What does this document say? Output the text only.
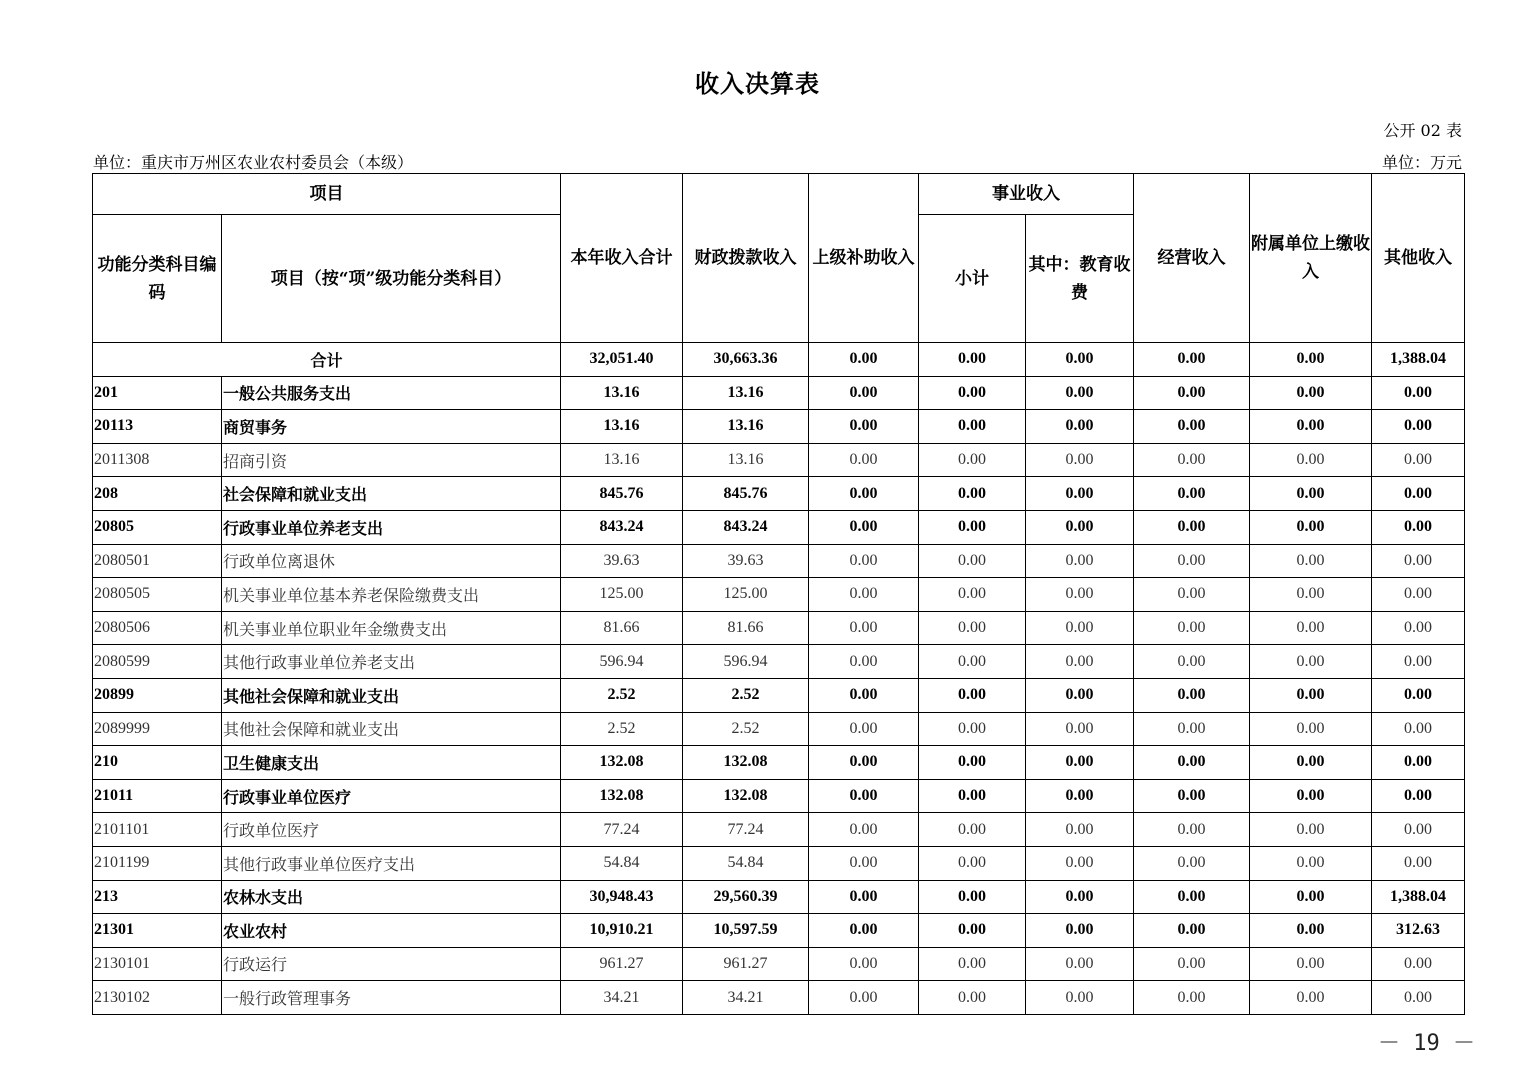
收入决算表
公开 02 表
单位：重庆市万州区农业农村委员会（本级）	单位：万元
项目		本年收入合计	财政拨款收入	上级补助收入	事业收入		经营收入	附属单位上缴收入	其他收入
功能分类科目编码	项目（按“项”级功能分类科目）				小计	其中：教育收费			
合计		32,051.40	30,663.36	0.00	0.00	0.00	0.00	0.00	1,388.04
201	一般公共服务支出	13.16	13.16	0.00	0.00	0.00	0.00	0.00	0.00
20113	商贸事务	13.16	13.16	0.00	0.00	0.00	0.00	0.00	0.00
2011308	招商引资	13.16	13.16	0.00	0.00	0.00	0.00	0.00	0.00
208	社会保障和就业支出	845.76	845.76	0.00	0.00	0.00	0.00	0.00	0.00
20805	行政事业单位养老支出	843.24	843.24	0.00	0.00	0.00	0.00	0.00	0.00
2080501	行政单位离退休	39.63	39.63	0.00	0.00	0.00	0.00	0.00	0.00
2080505	机关事业单位基本养老保险缴费支出	125.00	125.00	0.00	0.00	0.00	0.00	0.00	0.00
2080506	机关事业单位职业年金缴费支出	81.66	81.66	0.00	0.00	0.00	0.00	0.00	0.00
2080599	其他行政事业单位养老支出	596.94	596.94	0.00	0.00	0.00	0.00	0.00	0.00
20899	其他社会保障和就业支出	2.52	2.52	0.00	0.00	0.00	0.00	0.00	0.00
2089999	其他社会保障和就业支出	2.52	2.52	0.00	0.00	0.00	0.00	0.00	0.00
210	卫生健康支出	132.08	132.08	0.00	0.00	0.00	0.00	0.00	0.00
21011	行政事业单位医疗	132.08	132.08	0.00	0.00	0.00	0.00	0.00	0.00
2101101	行政单位医疗	77.24	77.24	0.00	0.00	0.00	0.00	0.00	0.00
2101199	其他行政事业单位医疗支出	54.84	54.84	0.00	0.00	0.00	0.00	0.00	0.00
213	农林水支出	30,948.43	29,560.39	0.00	0.00	0.00	0.00	0.00	1,388.04
21301	农业农村	10,910.21	10,597.59	0.00	0.00	0.00	0.00	0.00	312.63
2130101	行政运行	961.27	961.27	0.00	0.00	0.00	0.00	0.00	0.00
2130102	一般行政管理事务	34.21	34.21	0.00	0.00	0.00	0.00	0.00	0.00
－ 19 －
